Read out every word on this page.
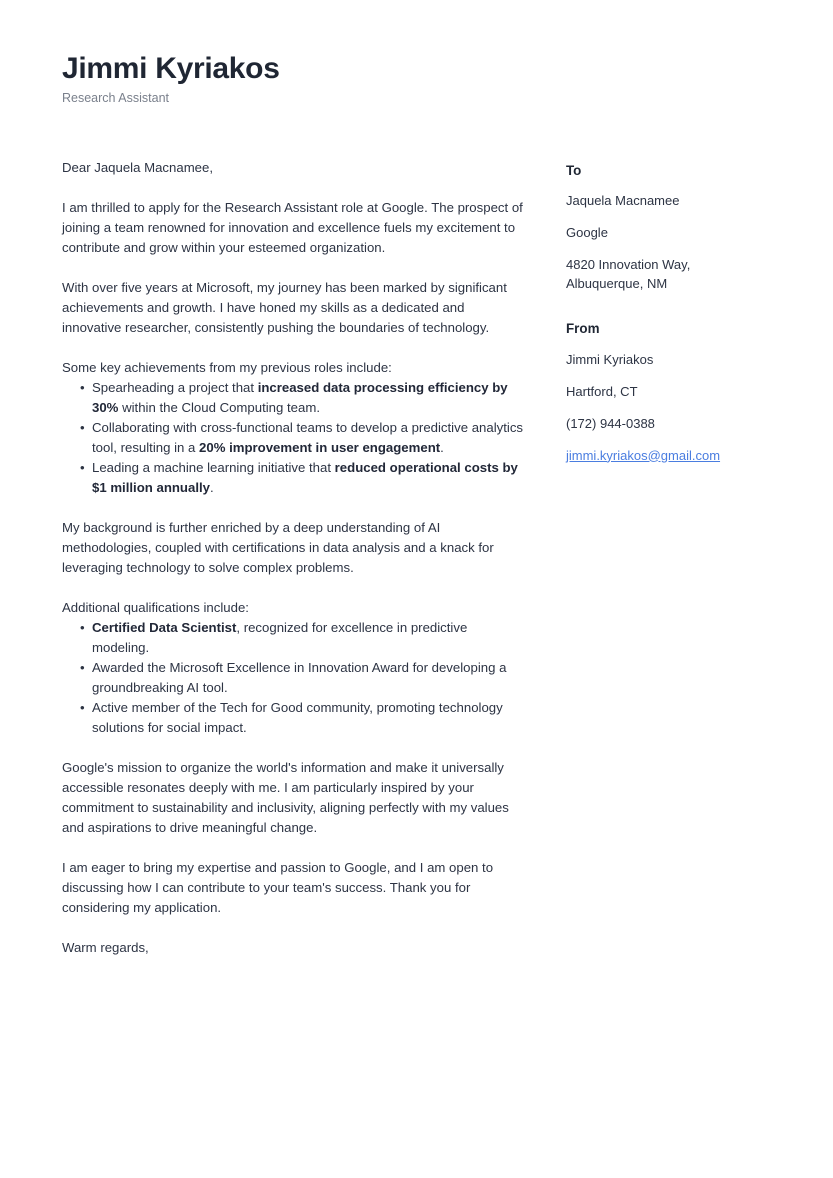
Jimmi Kyriakos

Research Assistant

Dear Jaquela Macnamee,

I am thrilled to apply for the Research Assistant role at Google. The prospect of joining a team renowned for innovation and excellence fuels my excitement to contribute and grow within your esteemed organization.

With over five years at Microsoft, my journey has been marked by significant achievements and growth. I have honed my skills as a dedicated and innovative researcher, consistently pushing the boundaries of technology.

Some key achievements from my previous roles include:

• Spearheading a project that increased data processing efficiency by 30% within the Cloud Computing team.
• Collaborating with cross-functional teams to develop a predictive analytics tool, resulting in a 20% improvement in user engagement.
• Leading a machine learning initiative that reduced operational costs by $1 million annually.

My background is further enriched by a deep understanding of AI methodologies, coupled with certifications in data analysis and a knack for leveraging technology to solve complex problems.

Additional qualifications include:

• Certified Data Scientist, recognized for excellence in predictive modeling.
• Awarded the Microsoft Excellence in Innovation Award for developing a groundbreaking AI tool.
• Active member of the Tech for Good community, promoting technology solutions for social impact.

Google's mission to organize the world's information and make it universally accessible resonates deeply with me. I am particularly inspired by your commitment to sustainability and inclusivity, aligning perfectly with my values and aspirations to drive meaningful change.

I am eager to bring my expertise and passion to Google, and I am open to discussing how I can contribute to your team's success. Thank you for considering my application.

Warm regards,

To

Jaquela Macnamee

Google

4820 Innovation Way,
Albuquerque, NM

From

Jimmi Kyriakos

Hartford, CT

(172) 944-0388

jimmi.kyriakos@gmail.com
